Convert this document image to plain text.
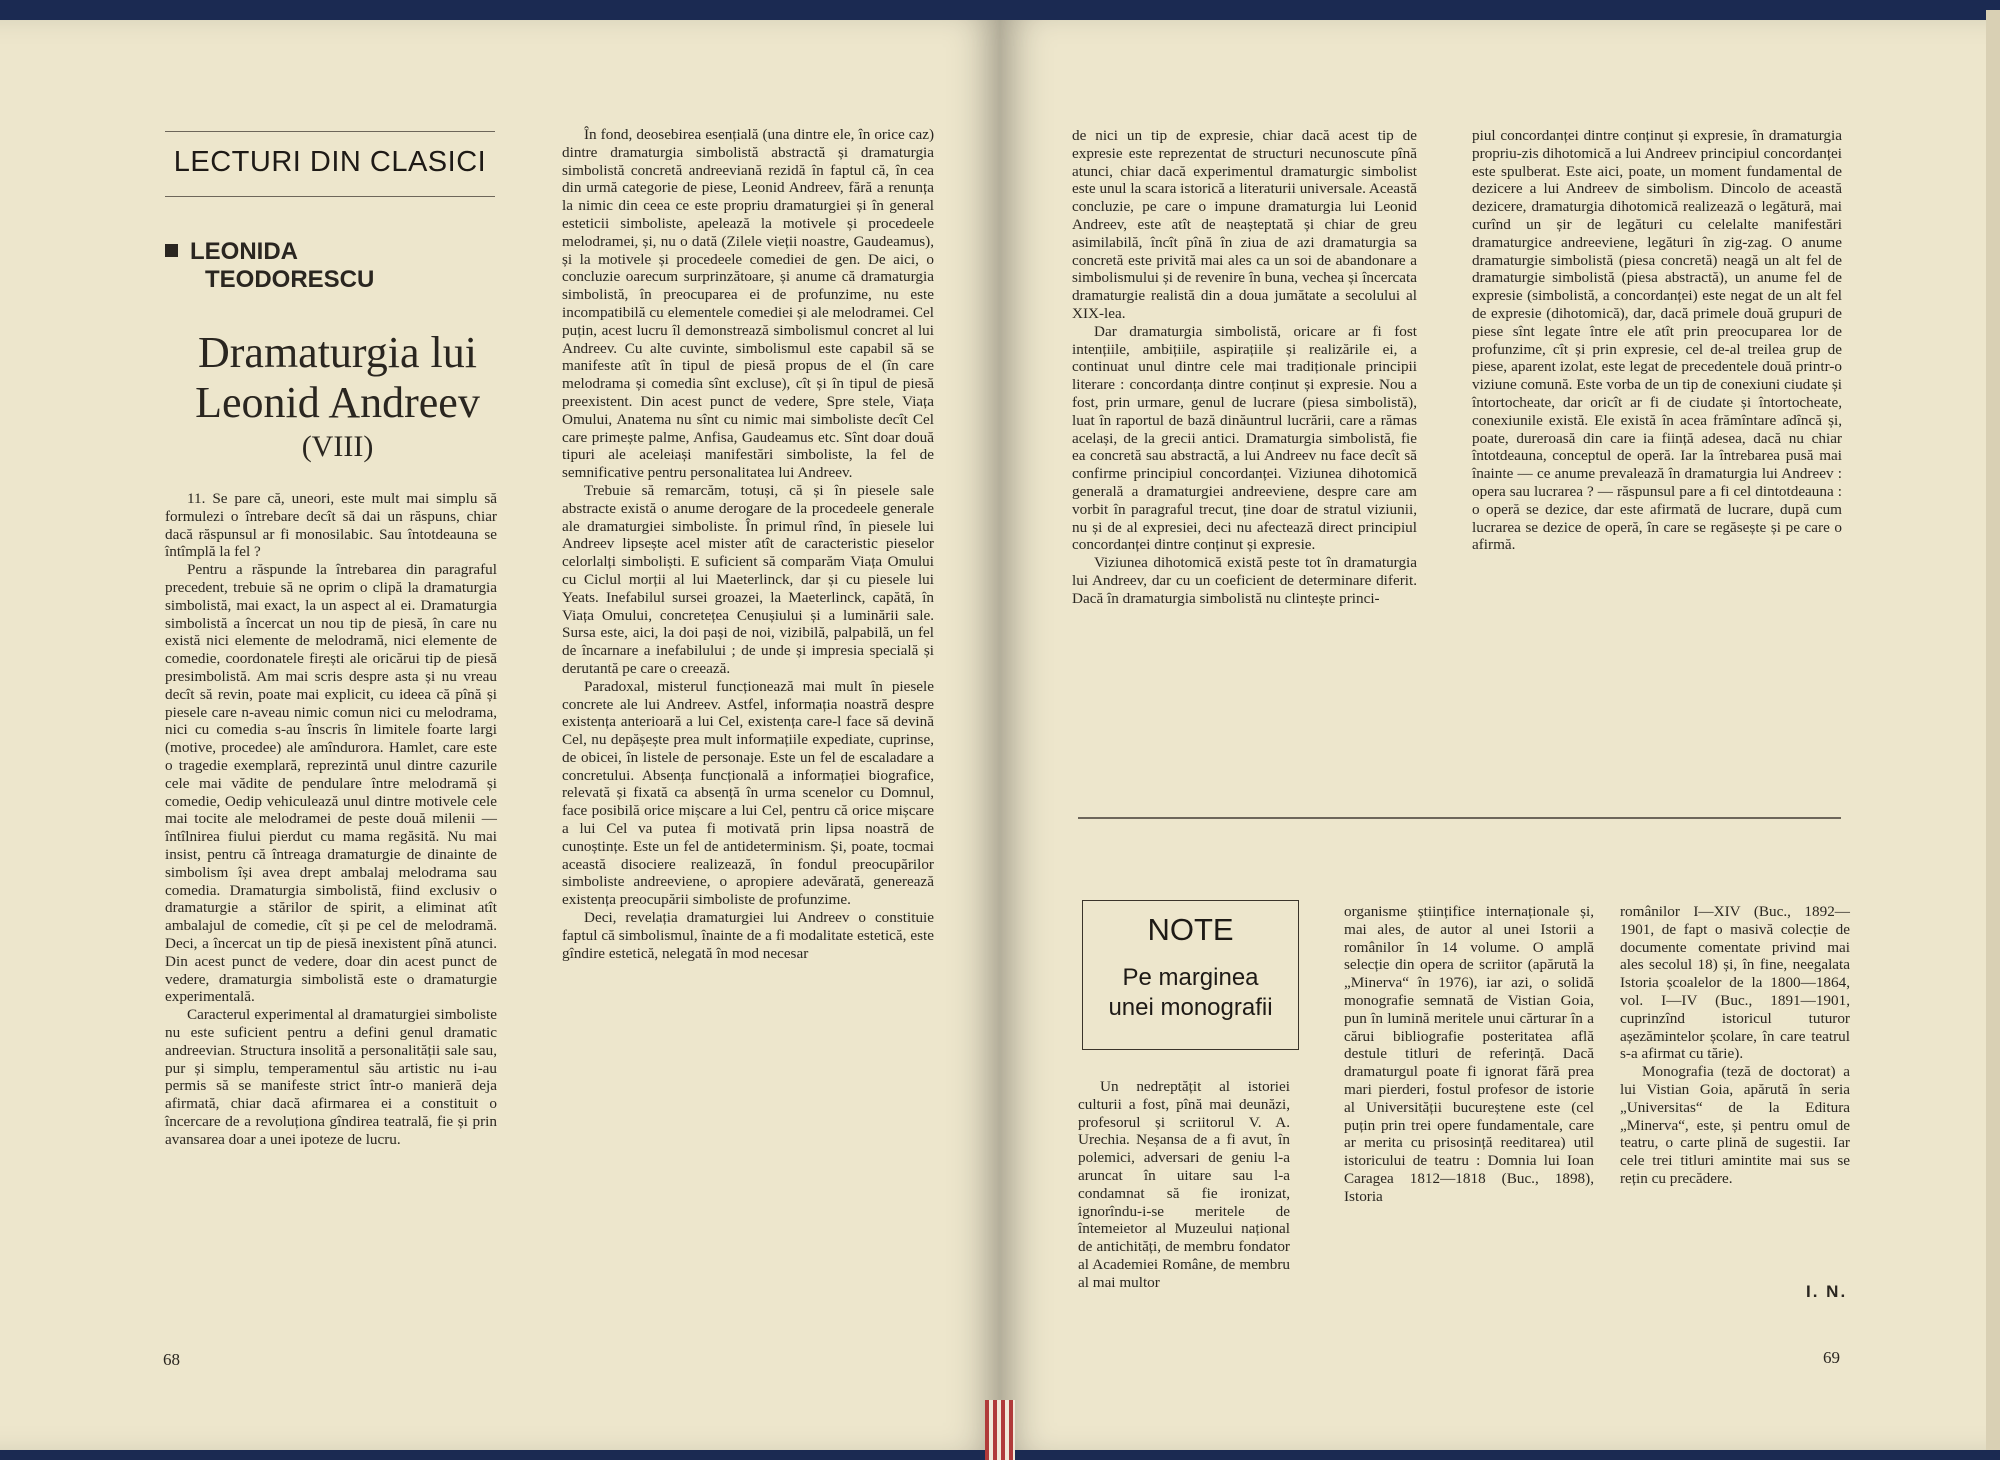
LECTURI DIN CLASICI
LEONIDA
TEODORESCU
Dramaturgia lui
Leonid Andreev
(VIII)

11. Se pare că, uneori, este mult mai simplu să formulezi o întrebare decît să dai un răspuns, chiar dacă răspunsul ar fi monosilabic. Sau întotdeauna se întîmplă la fel ?

Pentru a răspunde la întrebarea din paragraful precedent, trebuie să ne oprim o clipă la dramaturgia simbolistă, mai exact, la un aspect al ei. Dramaturgia simbolistă a încercat un nou tip de piesă, în care nu există nici elemente de melodramă, nici elemente de comedie, coordonatele firești ale oricărui tip de piesă presimbolistă. Am mai scris despre asta și nu vreau decît să revin, poate mai explicit, cu ideea că pînă și piesele care n-aveau nimic comun nici cu melodrama, nici cu comedia s-au înscris în limitele foarte largi (motive, procedee) ale amîndurora. Hamlet, care este o tragedie exemplară, reprezintă unul dintre cazurile cele mai vădite de pendulare între melodramă și comedie, Oedip vehiculează unul dintre motivele cele mai tocite ale melodramei de peste două milenii — întîlnirea fiului pierdut cu mama regăsită. Nu mai insist, pentru că întreaga dramaturgie de dinainte de simbolism își avea drept ambalaj melodrama sau comedia. Dramaturgia simbolistă, fiind exclusiv o dramaturgie a stărilor de spirit, a eliminat atît ambalajul de comedie, cît și pe cel de melodramă. Deci, a încercat un tip de piesă inexistent pînă atunci. Din acest punct de vedere, doar din acest punct de vedere, dramaturgia simbolistă este o dramaturgie experimentală.

Caracterul experimental al dramaturgiei simboliste nu este suficient pentru a defini genul dramatic andreevian. Structura insolită a personalității sale sau, pur și simplu, temperamentul său artistic nu i-au permis să se manifeste strict într-o manieră deja afirmată, chiar dacă afirmarea ei a constituit o încercare de a revoluționa gîndirea teatrală, fie și prin avansarea doar a unei ipoteze de lucru.

În fond, deosebirea esențială (una dintre ele, în orice caz) dintre dramaturgia simbolistă abstractă și dramaturgia simbolistă concretă andreeviană rezidă în faptul că, în cea din urmă categorie de piese, Leonid Andreev, fără a renunța la nimic din ceea ce este propriu dramaturgiei și în general esteticii simboliste, apelează la motivele și procedeele melodramei, și, nu o dată (Zilele vieții noastre, Gaudeamus), și la motivele și procedeele comediei de gen. De aici, o concluzie oarecum surprinzătoare, și anume că dramaturgia simbolistă, în preocuparea ei de profunzime, nu este incompatibilă cu elementele comediei și ale melodramei. Cel puțin, acest lucru îl demonstrează simbolismul concret al lui Andreev. Cu alte cuvinte, simbolismul este capabil să se manifeste atît în tipul de piesă propus de el (în care melodrama și comedia sînt excluse), cît și în tipul de piesă preexistent. Din acest punct de vedere, Spre stele, Viața Omului, Anatema nu sînt cu nimic mai simboliste decît Cel care primește palme, Anfisa, Gaudeamus etc. Sînt doar două tipuri ale aceleiași manifestări simboliste, la fel de semnificative pentru personalitatea lui Andreev.

Trebuie să remarcăm, totuși, că și în piesele sale abstracte există o anume derogare de la procedeele generale ale dramaturgiei simboliste. În primul rînd, în piesele lui Andreev lipsește acel mister atît de caracteristic pieselor celorlalți simboliști. E suficient să comparăm Viața Omului cu Ciclul morții al lui Maeterlinck, dar și cu piesele lui Yeats. Inefabilul sursei groazei, la Maeterlinck, capătă, în Viața Omului, concretețea Cenușiului și a luminării sale. Sursa este, aici, la doi pași de noi, vizibilă, palpabilă, un fel de încarnare a inefabilului ; de unde și impresia specială și derutantă pe care o creează.

Paradoxal, misterul funcționează mai mult în piesele concrete ale lui Andreev. Astfel, informația noastră despre existența anterioară a lui Cel, existența care-l face să devină Cel, nu depășește prea mult informațiile expediate, cuprinse, de obicei, în listele de personaje. Este un fel de escaladare a concretului. Absența funcțională a informației biografice, relevată și fixată ca absență în urma scenelor cu Domnul, face posibilă orice mișcare a lui Cel, pentru că orice mișcare a lui Cel va putea fi motivată prin lipsa noastră de cunoștințe. Este un fel de antideterminism. Și, poate, tocmai această disociere realizează, în fondul preocupărilor simboliste andreeviene, o apropiere adevărată, generează existența preocupării simboliste de profunzime.

Deci, revelația dramaturgiei lui Andreev o constituie faptul că simbolismul, înainte de a fi modalitate estetică, este gîndire estetică, nelegată în mod necesar

68

de nici un tip de expresie, chiar dacă acest tip de expresie este reprezentat de structuri necunoscute pînă atunci, chiar dacă experimentul dramaturgic simbolist este unul la scara istorică a literaturii universale. Această concluzie, pe care o impune dramaturgia lui Leonid Andreev, este atît de neașteptată și chiar de greu asimilabilă, încît pînă în ziua de azi dramaturgia sa concretă este privită mai ales ca un soi de abandonare a simbolismului și de revenire în buna, vechea și încercata dramaturgie realistă din a doua jumătate a secolului al XIX-lea.

Dar dramaturgia simbolistă, oricare ar fi fost intențiile, ambițiile, aspirațiile și realizările ei, a continuat unul dintre cele mai tradiționale principii literare : concordanța dintre conținut și expresie. Nou a fost, prin urmare, genul de lucrare (piesa simbolistă), luat în raportul de bază dinăuntrul lucrării, care a rămas același, de la grecii antici. Dramaturgia simbolistă, fie ea concretă sau abstractă, a lui Andreev nu face decît să confirme principiul concordanței. Viziunea dihotomică generală a dramaturgiei andreeviene, despre care am vorbit în paragraful trecut, ține doar de stratul viziunii, nu și de al expresiei, deci nu afectează direct principiul concordanței dintre conținut și expresie.

Viziunea dihotomică există peste tot în dramaturgia lui Andreev, dar cu un coeficient de determinare diferit. Dacă în dramaturgia simbolistă nu clintește princi-

piul concordanței dintre conținut și expresie, în dramaturgia propriu-zis dihotomică a lui Andreev principiul concordanței este spulberat. Este aici, poate, un moment fundamental de dezicere a lui Andreev de simbolism. Dincolo de această dezicere, dramaturgia dihotomică realizează o legătură, mai curînd un șir de legături cu celelalte manifestări dramaturgice andreeviene, legături în zig-zag. O anume dramaturgie simbolistă (piesa concretă) neagă un alt fel de dramaturgie simbolistă (piesa abstractă), un anume fel de expresie (simbolistă, a concordanței) este negat de un alt fel de expresie (dihotomică), dar, dacă primele două grupuri de piese sînt legate între ele atît prin preocuparea lor de profunzime, cît și prin expresie, cel de-al treilea grup de piese, aparent izolat, este legat de precedentele două printr-o viziune comună. Este vorba de un tip de conexiuni ciudate și întortocheate, dar oricît ar fi de ciudate și întortocheate, conexiunile există. Ele există în acea frămîntare adîncă și, poate, dureroasă din care ia ființă adesea, dacă nu chiar întotdeauna, conceptul de operă. Iar la întrebarea pusă mai înainte — ce anume prevalează în dramaturgia lui Andreev : opera sau lucrarea ? — răspunsul pare a fi cel dintotdeauna : o operă se dezice, dar este afirmată de lucrare, după cum lucrarea se dezice de operă, în care se regăsește și pe care o afirmă.

Un nedreptățit al istoriei culturii a fost, pînă mai deunăzi, profesorul și scriitorul V. A. Urechia. Neșansa de a fi avut, în polemici, adversari de geniu l-a aruncat în uitare sau l-a condamnat să fie ironizat, ignorîndu-i-se meritele de întemeietor al Muzeului național de antichități, de membru fondator al Academiei Române, de membru al mai multor

organisme științifice internaționale și, mai ales, de autor al unei Istorii a românilor în 14 volume. O amplă selecție din opera de scriitor (apărută la „Minerva“ în 1976), iar azi, o solidă monografie semnată de Vistian Goia, pun în lumină meritele unui cărturar în a cărui bibliografie posteritatea află destule titluri de referință. Dacă dramaturgul poate fi ignorat fără prea mari pierderi, fostul profesor de istorie al Universității bucureștene este (cel puțin prin trei opere fundamentale, care ar merita cu prisosință reeditarea) util istoricului de teatru : Domnia lui Ioan Caragea 1812—1818 (Buc., 1898), Istoria

românilor I—XIV (Buc., 1892—1901, de fapt o masivă colecție de documente comentate privind mai ales secolul 18) și, în fine, neegalata Istoria școalelor de la 1800—1864, vol. I—IV (Buc., 1891—1901, cuprinzînd istoricul tuturor așezămintelor școlare, în care teatrul s-a afirmat cu tărie).

Monografia (teză de doctorat) a lui Vistian Goia, apărută în seria „Universitas“ de la Editura „Minerva“, este, și pentru omul de teatru, o carte plină de sugestii. Iar cele trei titluri amintite mai sus se rețin cu precădere.

69
NOTE
Pe marginea
unei monografii
I. N.
